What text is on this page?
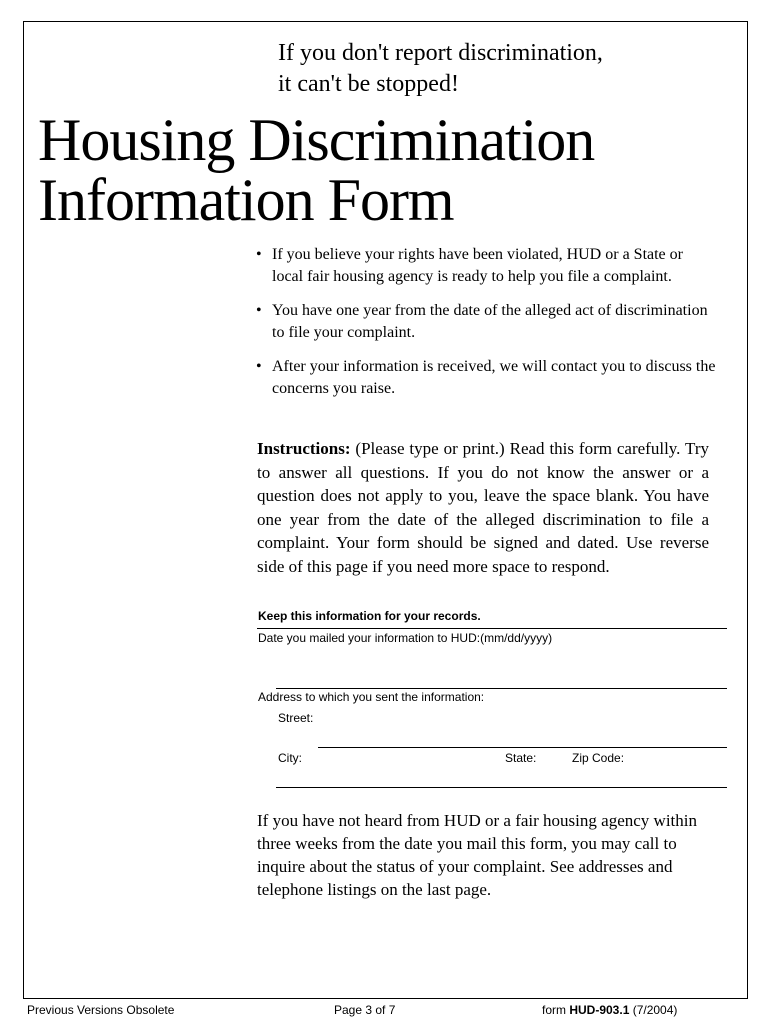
If you don't report discrimination,
it can't be stopped!
Housing Discrimination
Information Form
• If you believe your rights have been violated, HUD or a State or local fair housing agency is ready to help you file a complaint.
• You have one year from the date of the alleged act of discrimination to file your complaint.
• After your information is received, we will contact you to discuss the concerns you raise.
Instructions: (Please type or print.) Read this form carefully. Try to answer all questions. If you do not know the answer or a question does not apply to you, leave the space blank. You have one year from the date of the alleged discrimination to file a complaint. Your form should be signed and dated. Use reverse side of this page if you need more space to respond.
Keep this information for your records.
Date you mailed your information to HUD:(mm/dd/yyyy)
Address to which you sent the information:
Street:
City:	State:	Zip Code:
If you have not heard from HUD or a fair housing agency within three weeks from the date you mail this form, you may call to inquire about the status of your complaint. See addresses and telephone listings on the last page.
Previous Versions Obsolete	Page 3 of 7	form HUD-903.1 (7/2004)
